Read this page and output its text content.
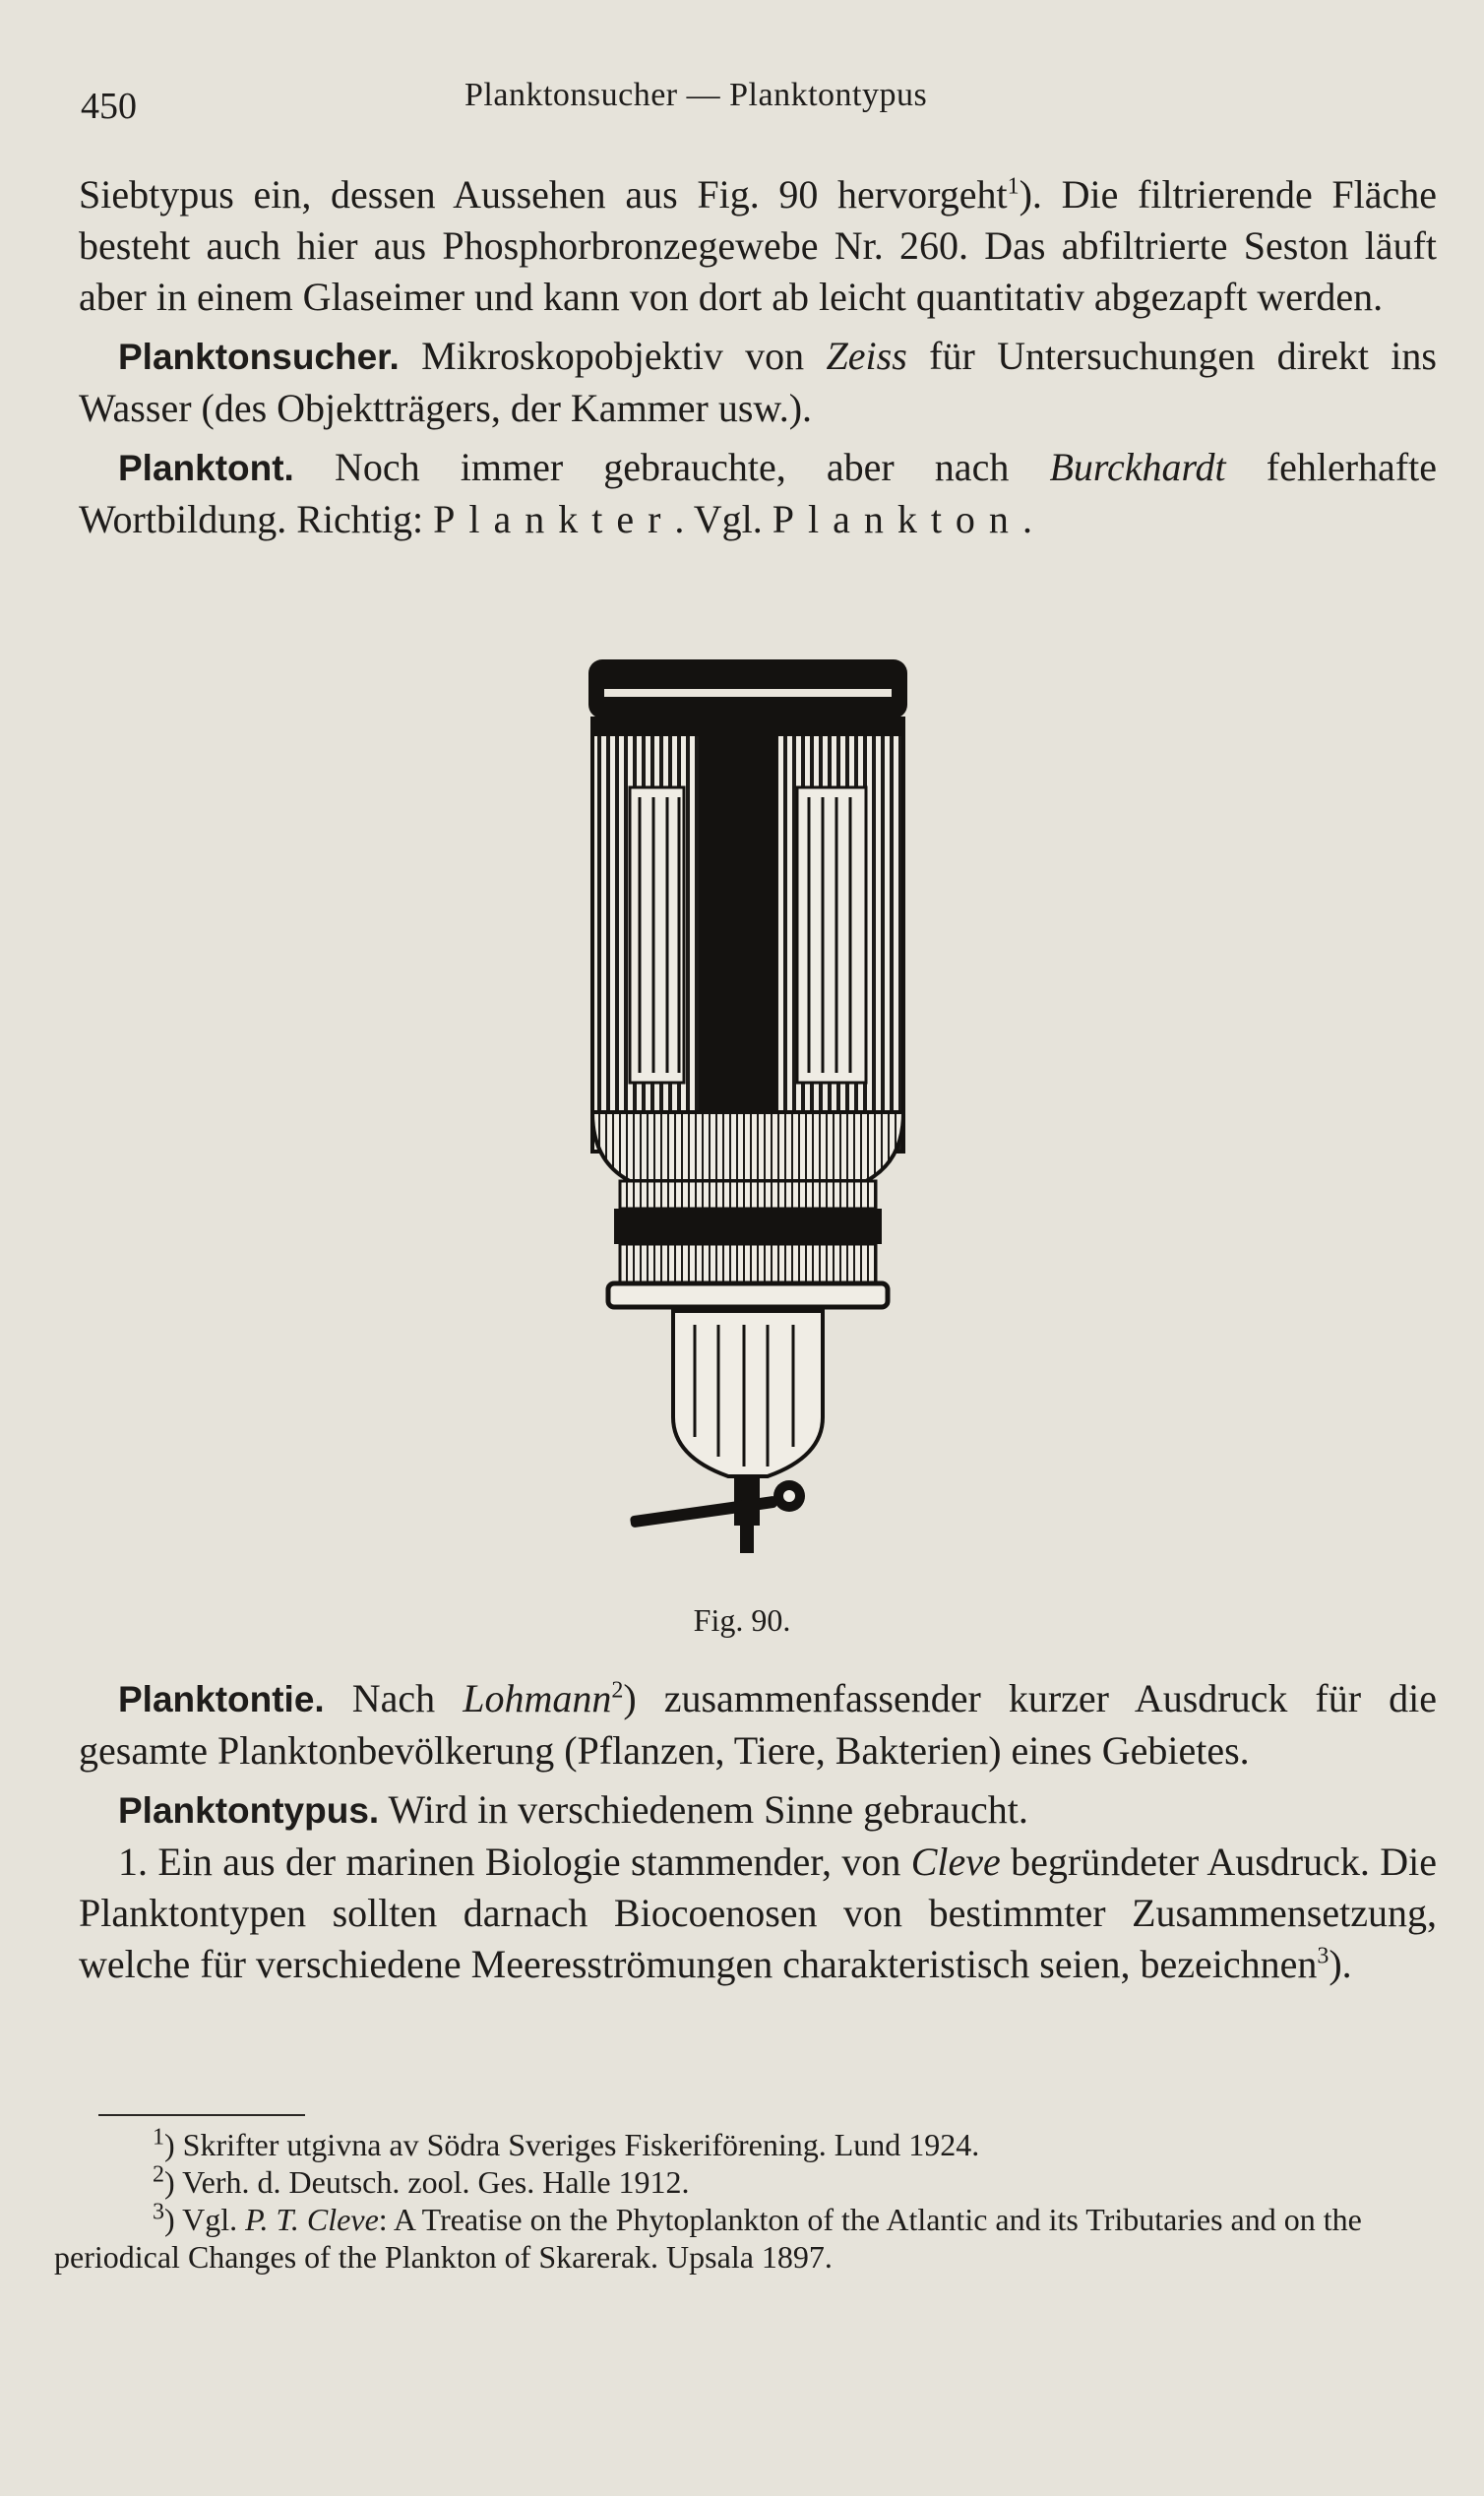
450	Planktonsucher — Planktontypus

Siebtypus ein, dessen Aussehen aus Fig. 90 hervorgeht$^1$). Die filtrierende Fläche besteht auch hier aus Phosphorbronzegewebe Nr. 260. Das abfiltrierte Seston läuft aber in einem Glaseimer und kann von dort ab leicht quantitativ abgezapft werden.

Planktonsucher. Mikroskopobjektiv von Zeiss für Untersuchungen direkt ins Wasser (des Objektträgers, der Kammer usw.).

Planktont. Noch immer gebrauchte, aber nach Burckhardt fehlerhafte Wortbildung. Richtig: Plankter. Vgl. Plankton.

Fig. 90.

Planktontie. Nach Lohmann$^2$) zusammenfassender kurzer Ausdruck für die gesamte Planktonbevölkerung (Pflanzen, Tiere, Bakterien) eines Gebietes.

Planktontypus. Wird in verschiedenem Sinne gebraucht.

1. Ein aus der marinen Biologie stammender, von Cleve begründeter Ausdruck. Die Planktontypen sollten darnach Biocoenosen von bestimmter Zusammensetzung, welche für verschiedene Meeresströmungen charakteristisch seien, bezeichnen$^3$).

$^1$) Skrifter utgivna av Södra Sveriges Fiskeriförening. Lund 1924.

$^2$) Verh. d. Deutsch. zool. Ges. Halle 1912.

$^3$) Vgl. P. T. Cleve: A Treatise on the Phytoplankton of the Atlantic and its Tributaries and on the periodical Changes of the Plankton of Skarerak. Upsala 1897.
